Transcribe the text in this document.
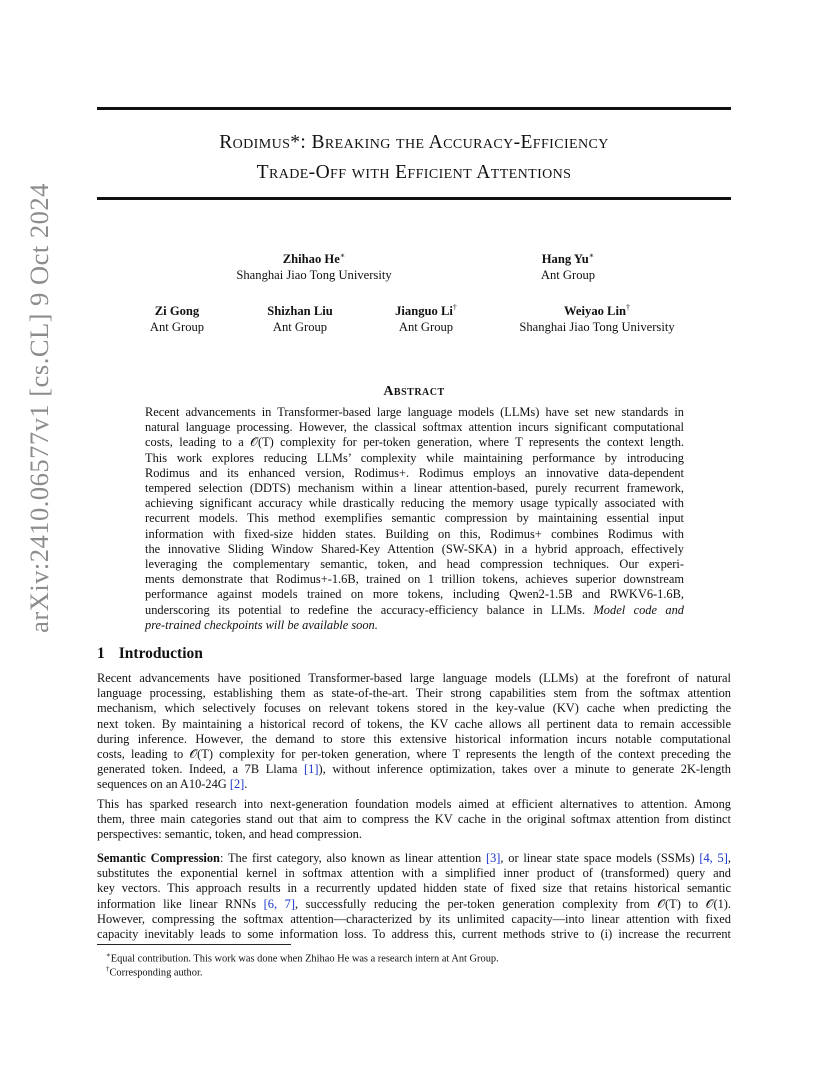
arXiv:2410.06577v1 [cs.CL] 9 Oct 2024
Rodimus*: Breaking the Accuracy-Efficiency
Trade-Off with Efficient Attentions
Zhihao He∗
Shanghai Jiao Tong University
Hang Yu∗
Ant Group
Zi Gong
Ant Group
Shizhan Liu
Ant Group
Jianguo Li†
Ant Group
Weiyao Lin†
Shanghai Jiao Tong University
Abstract
Recent advancements in Transformer-based large language models (LLMs) have set new standards in
natural language processing. However, the classical softmax attention incurs significant computational
costs, leading to a 𝒪(T) complexity for per-token generation, where T represents the context length.
This work explores reducing LLMs’ complexity while maintaining performance by introducing
Rodimus and its enhanced version, Rodimus+. Rodimus employs an innovative data-dependent
tempered selection (DDTS) mechanism within a linear attention-based, purely recurrent framework,
achieving significant accuracy while drastically reducing the memory usage typically associated with
recurrent models. This method exemplifies semantic compression by maintaining essential input
information with fixed-size hidden states. Building on this, Rodimus+ combines Rodimus with
the innovative Sliding Window Shared-Key Attention (SW-SKA) in a hybrid approach, effectively
leveraging the complementary semantic, token, and head compression techniques. Our experi-
ments demonstrate that Rodimus+-1.6B, trained on 1 trillion tokens, achieves superior downstream
performance against models trained on more tokens, including Qwen2-1.5B and RWKV6-1.6B,
underscoring its potential to redefine the accuracy-efficiency balance in LLMs. Model code and
pre-trained checkpoints will be available soon.
1 Introduction
Recent advancements have positioned Transformer-based large language models (LLMs) at the forefront of natural
language processing, establishing them as state-of-the-art. Their strong capabilities stem from the softmax attention
mechanism, which selectively focuses on relevant tokens stored in the key-value (KV) cache when predicting the
next token. By maintaining a historical record of tokens, the KV cache allows all pertinent data to remain accessible
during inference. However, the demand to store this extensive historical information incurs notable computational
costs, leading to 𝒪(T) complexity for per-token generation, where T represents the length of the context preceding the
generated token. Indeed, a 7B Llama [1]), without inference optimization, takes over a minute to generate 2K-length
sequences on an A10-24G [2].
This has sparked research into next-generation foundation models aimed at efficient alternatives to attention. Among
them, three main categories stand out that aim to compress the KV cache in the original softmax attention from distinct
perspectives: semantic, token, and head compression.
Semantic Compression: The first category, also known as linear attention [3], or linear state space models (SSMs) [4, 5],
substitutes the exponential kernel in softmax attention with a simplified inner product of (transformed) query and
key vectors. This approach results in a recurrently updated hidden state of fixed size that retains historical semantic
information like linear RNNs [6, 7], successfully reducing the per-token generation complexity from 𝒪(T) to 𝒪(1).
However, compressing the softmax attention—characterized by its unlimited capacity—into linear attention with fixed
capacity inevitably leads to some information loss. To address this, current methods strive to (i) increase the recurrent
∗Equal contribution. This work was done when Zhihao He was a research intern at Ant Group.
†Corresponding author.
